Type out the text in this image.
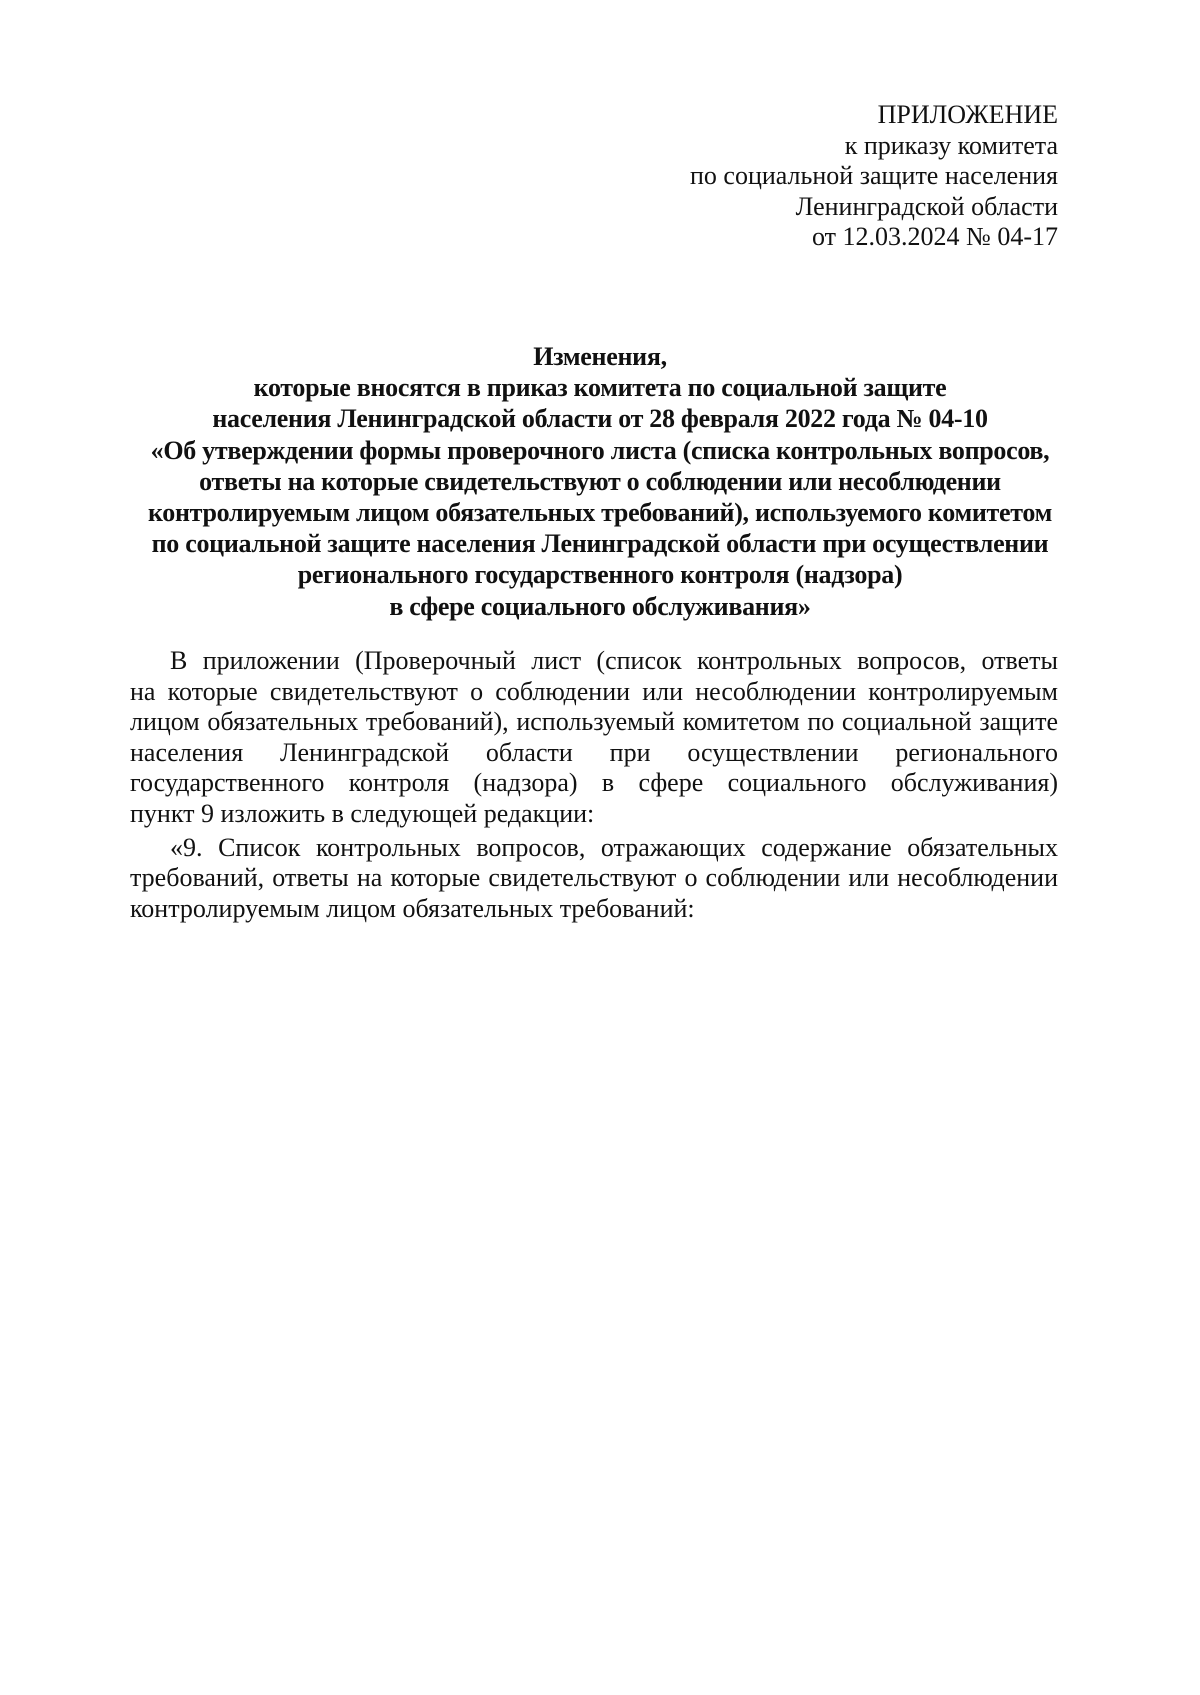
ПРИЛОЖЕНИЕ
к приказу комитета
по социальной защите населения
Ленинградской области
от 12.03.2024 № 04-17
Изменения,
которые вносятся в приказ комитета по социальной защите
населения Ленинградской области от 28 февраля 2022 года № 04-10
«Об утверждении формы проверочного листа (списка контрольных вопросов,
ответы на которые свидетельствуют о соблюдении или несоблюдении
контролируемым лицом обязательных требований), используемого комитетом
по социальной защите населения Ленинградской области при осуществлении
регионального государственного контроля (надзора)
в сфере социального обслуживания»
В приложении (Проверочный лист (список контрольных вопросов, ответы
на которые свидетельствуют о соблюдении или несоблюдении контролируемым
лицом обязательных требований), используемый комитетом по социальной защите
населения Ленинградской области при осуществлении регионального
государственного контроля (надзора) в сфере социального обслуживания)
пункт 9 изложить в следующей редакции:
«9. Список контрольных вопросов, отражающих содержание обязательных
требований, ответы на которые свидетельствуют о соблюдении или несоблюдении
контролируемым лицом обязательных требований:
